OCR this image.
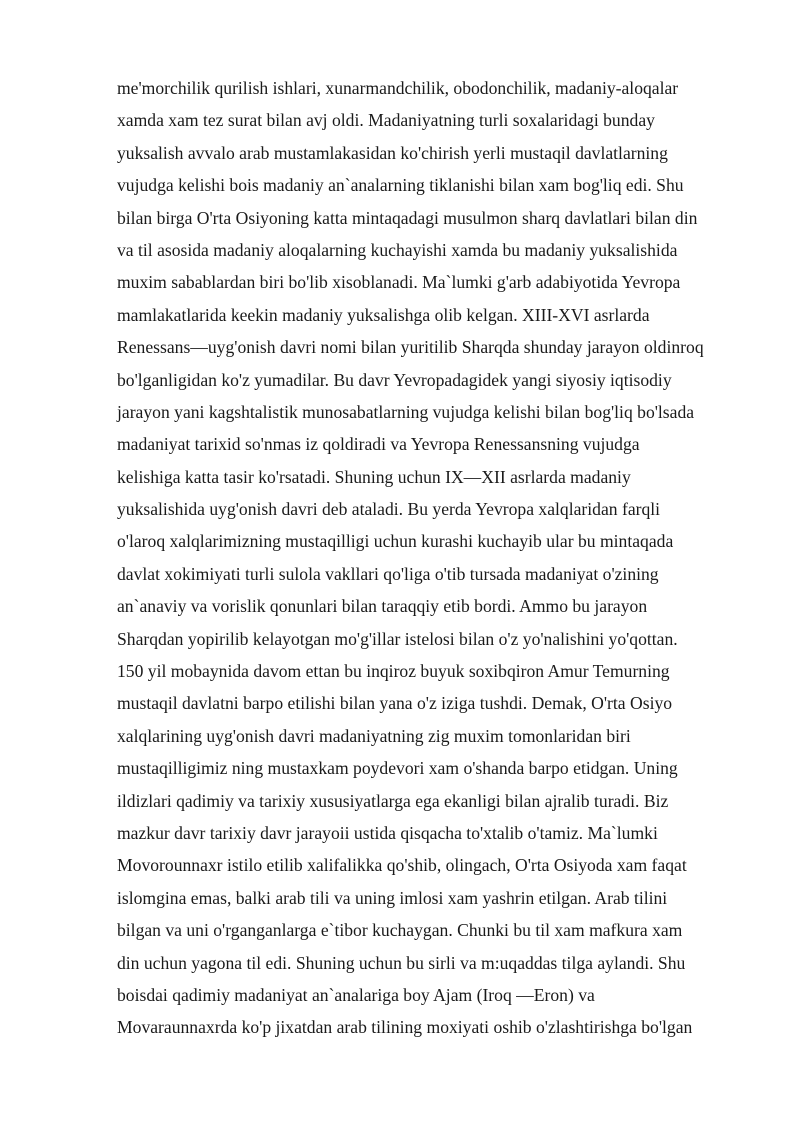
me'morchilik qurilish ishlari, xunarmandchilik, obodonchilik, madaniy-aloqalar
xamda xam tez surat bilan avj oldi. Madaniyatning turli soxalaridagi bunday
yuksalish avvalo arab mustamlakasidan ko'chirish yerli mustaqil davlatlarning
vujudga kelishi bois madaniy an`analarning tiklanishi bilan xam bog'liq edi. Shu
bilan birga O'rta Osiyoning katta mintaqadagi musulmon sharq davlatlari bilan din
va til asosida madaniy aloqalarning kuchayishi xamda bu madaniy yuksalishida
muxim sabablardan biri bo'lib xisoblanadi. Ma`lumki g'arb adabiyotida Yevropa
mamlakatlarida keekin madaniy yuksalishga olib kelgan. XIII-XVI asrlarda
Renessans—uyg'onish davri nomi bilan yuritilib Sharqda shunday jarayon oldinroq
bo'lganligidan ko'z yumadilar. Bu davr Yevropadagidek yangi siyosiy iqtisodiy
jarayon yani kagshtalistik munosabatlarning vujudga kelishi bilan bog'liq bo'lsada
madaniyat tarixid so'nmas iz qoldiradi va Yevropa Renessansning vujudga
kelishiga katta tasir ko'rsatadi. Shuning uchun IX—XII asrlarda madaniy
yuksalishida uyg'onish davri deb ataladi. Bu yerda Yevropa xalqlaridan farqli
o'laroq xalqlarimizning mustaqilligi uchun kurashi kuchayib ular bu mintaqada
davlat xokimiyati turli sulola vakllari qo'liga o'tib tursada madaniyat o'zining
an`anaviy va vorislik qonunlari bilan taraqqiy etib bordi. Ammo bu jarayon
Sharqdan yopirilib kelayotgan mo'g'illar istelosi bilan o'z yo'nalishini yo'qottan.
150 yil mobaynida davom ettan bu inqiroz buyuk soxibqiron Amur Temurning
mustaqil davlatni barpo etilishi bilan yana o'z iziga tushdi. Demak, O'rta Osiyo
xalqlarining uyg'onish davri madaniyatning zig muxim tomonlaridan biri
mustaqilligimiz ning mustaxkam poydevori xam o'shanda barpo etidgan. Uning
ildizlari qadimiy va tarixiy xususiyatlarga ega ekanligi bilan ajralib turadi. Biz
mazkur davr tarixiy davr jarayoii ustida qisqacha to'xtalib o'tamiz. Ma`lumki
Movorounnaxr istilo etilib xalifalikka qo'shib, olingach, O'rta Osiyoda xam faqat
islomgina emas, balki arab tili va uning imlosi xam yashrin etilgan. Arab tilini
bilgan va uni o'rganganlarga e`tibor kuchaygan. Chunki bu til xam mafkura xam
din uchun yagona til edi. Shuning uchun bu sirli va m:uqaddas tilga aylandi. Shu
boisdai qadimiy madaniyat an`analariga boy Ajam (Iroq —Eron) va
Movaraunnaxrda ko'p jixatdan arab tilining moxiyati oshib o'zlashtirishga bo'lgan
